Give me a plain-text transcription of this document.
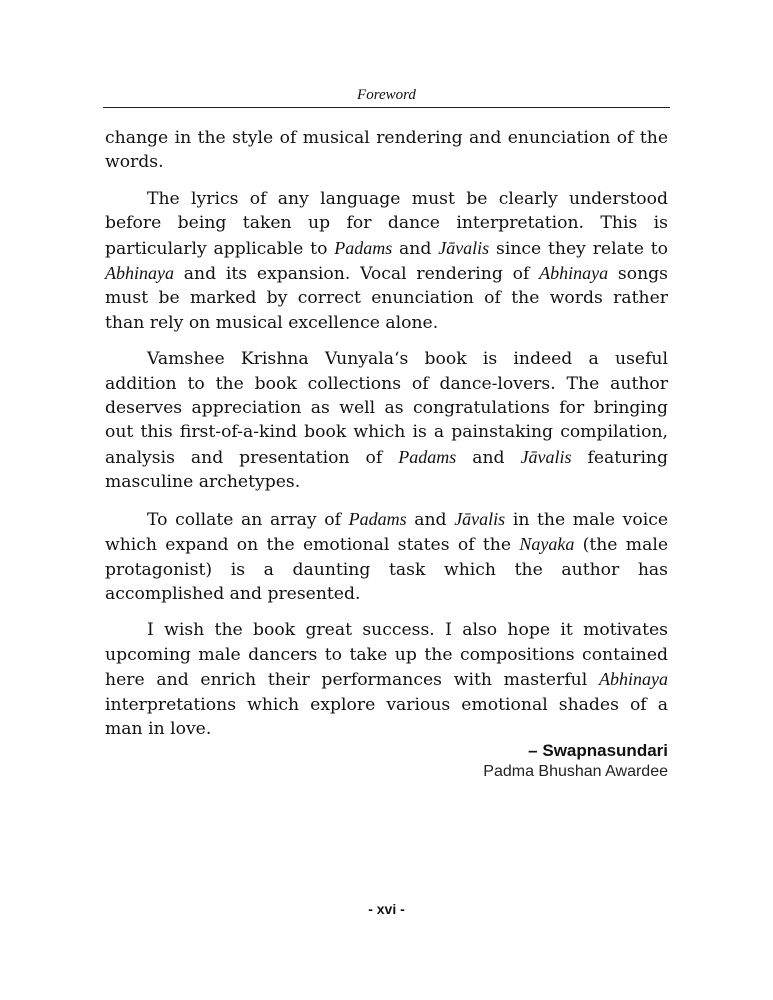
Foreword

change in the style of musical rendering and enunciation of the words.

The lyrics of any language must be clearly understood before being taken up for dance interpretation. This is particularly applicable to Padams and Jāvalis since they relate to Abhinaya and its expansion. Vocal rendering of Abhinaya songs must be marked by correct enunciation of the words rather than rely on musical excellence alone.

Vamshee Krishna Vunyala‘s book is indeed a useful addition to the book collections of dance-lovers. The author deserves appreciation as well as congratulations for bringing out this first-of-a-kind book which is a painstaking compilation, analysis and presentation of Padams and Jāvalis featuring masculine archetypes.

To collate an array of Padams and Jāvalis in the male voice which expand on the emotional states of the Nayaka (the male protagonist) is a daunting task which the author has accomplished and presented.

I wish the book great success. I also hope it motivates upcoming male dancers to take up the compositions contained here and enrich their performances with masterful Abhinaya interpretations which explore various emotional shades of a man in love.

– Swapnasundari
Padma Bhushan Awardee
- xvi -
